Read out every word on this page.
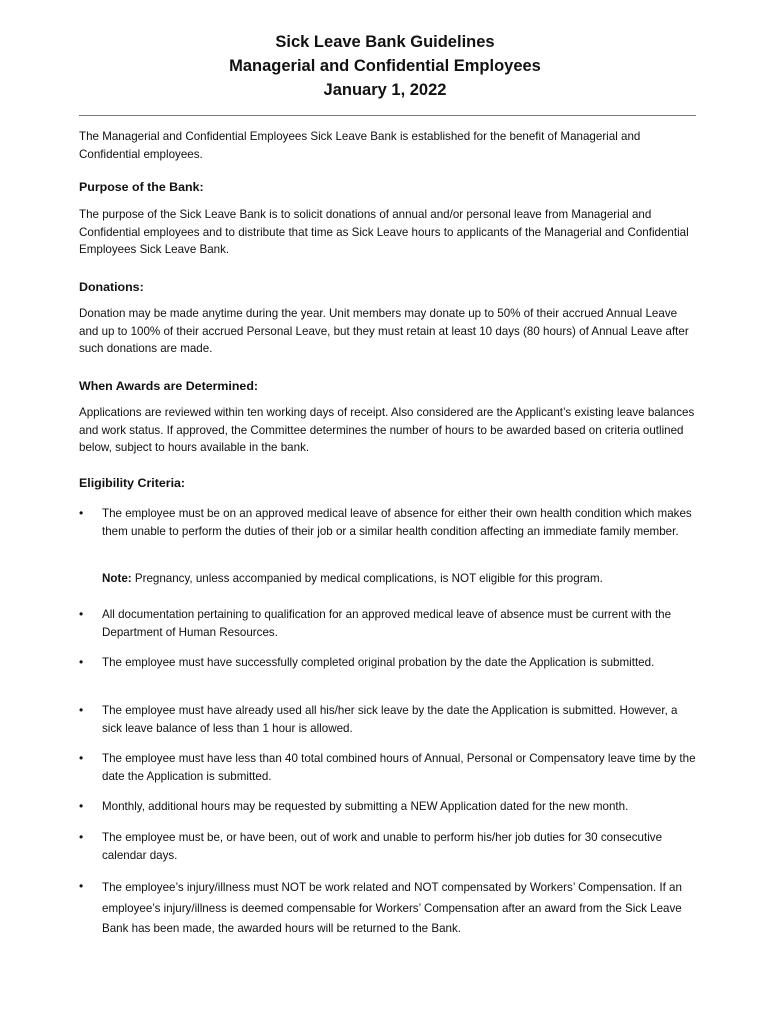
Sick Leave Bank Guidelines

Managerial and Confidential Employees

January 1, 2022

The Managerial and Confidential Employees Sick Leave Bank is established for the benefit of Managerial and Confidential employees.

Purpose of the Bank:

The purpose of the Sick Leave Bank is to solicit donations of annual and/or personal leave from Managerial and Confidential employees and to distribute that time as Sick Leave hours to applicants of the Managerial and Confidential Employees Sick Leave Bank.

Donations:

Donation may be made anytime during the year. Unit members may donate up to 50% of their accrued Annual Leave and up to 100% of their accrued Personal Leave, but they must retain at least 10 days (80 hours) of Annual Leave after such donations are made.

When Awards are Determined:

Applications are reviewed within ten working days of receipt. Also considered are the Applicant’s existing leave balances and work status. If approved, the Committee determines the number of hours to be awarded based on criteria outlined below, subject to hours available in the bank.

Eligibility Criteria:

• The employee must be on an approved medical leave of absence for either their own health condition which makes them unable to perform the duties of their job or a similar health condition affecting an immediate family member.

Note: Pregnancy, unless accompanied by medical complications, is NOT eligible for this program.

• All documentation pertaining to qualification for an approved medical leave of absence must be current with the Department of Human Resources.

• The employee must have successfully completed original probation by the date the Application is submitted.

• The employee must have already used all his/her sick leave by the date the Application is submitted. However, a sick leave balance of less than 1 hour is allowed.

• The employee must have less than 40 total combined hours of Annual, Personal or Compensatory leave time by the date the Application is submitted.

• Monthly, additional hours may be requested by submitting a NEW Application dated for the new month.

• The employee must be, or have been, out of work and unable to perform his/her job duties for 30 consecutive calendar days.

• The employee’s injury/illness must NOT be work related and NOT compensated by Workers’ Compensation. If an employee’s injury/illness is deemed compensable for Workers’ Compensation after an award from the Sick Leave Bank has been made, the awarded hours will be returned to the Bank.
